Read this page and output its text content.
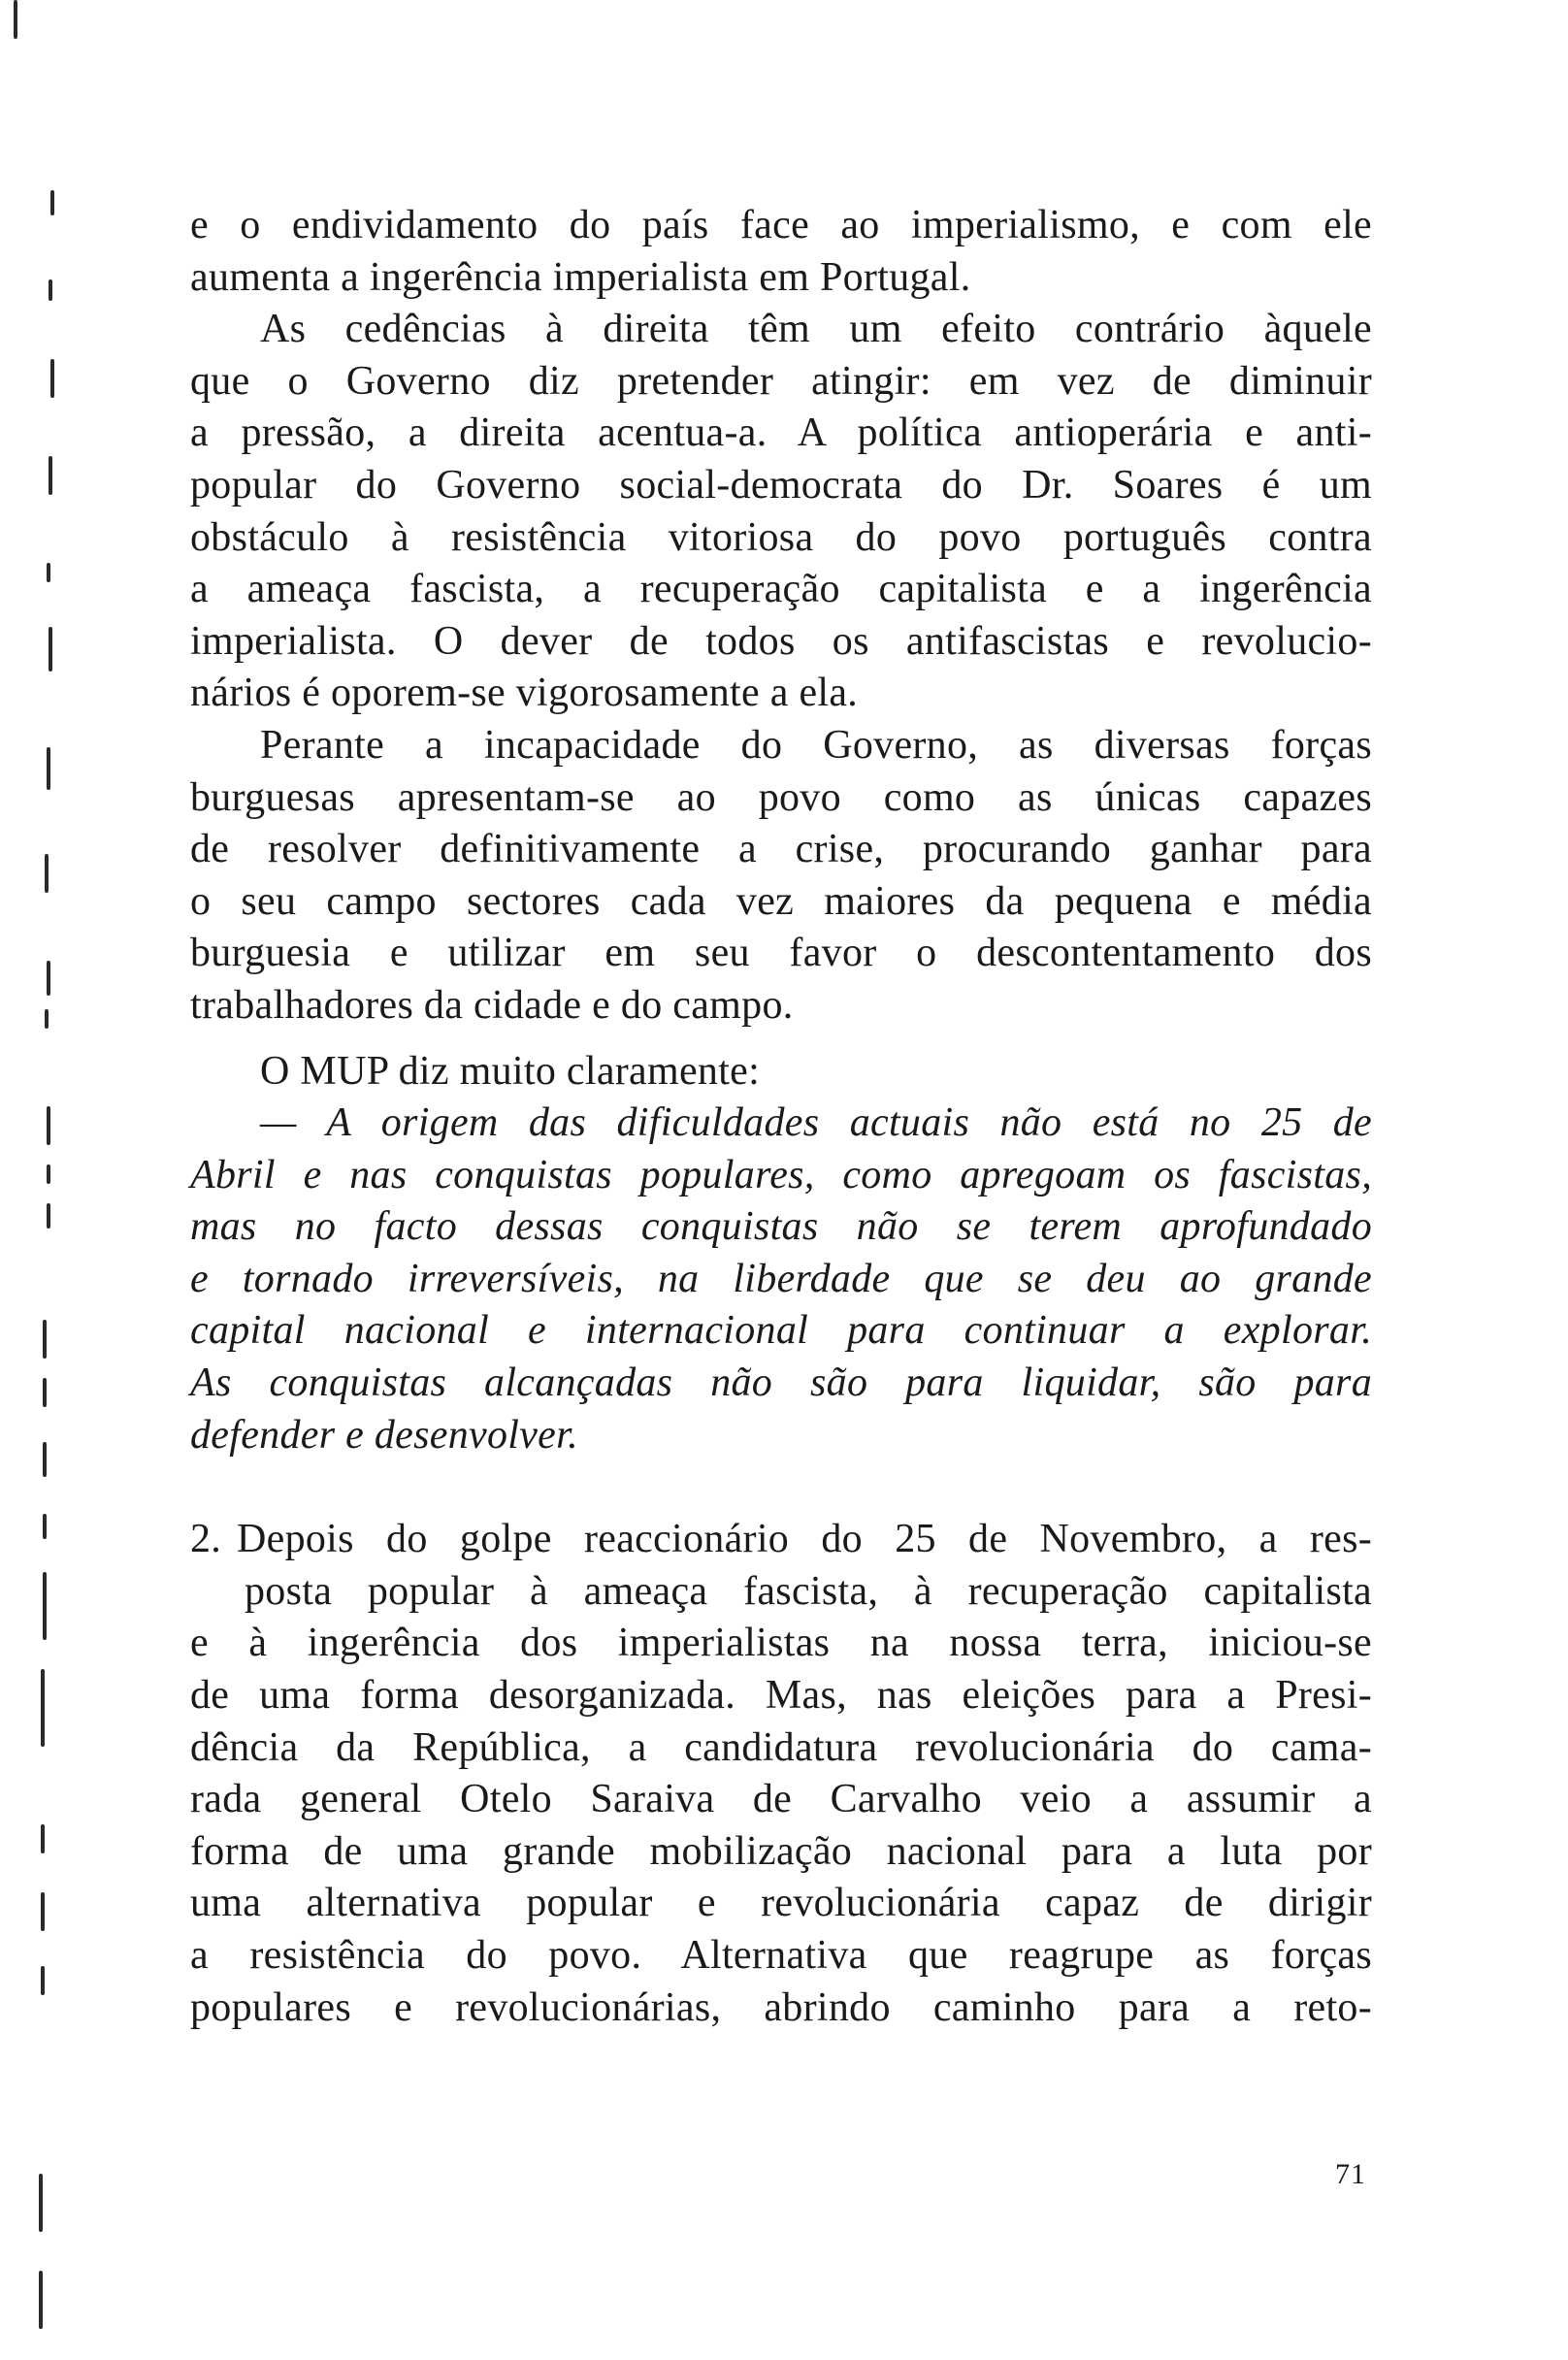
e o endividamento do país face ao imperialismo, e com ele
aumenta a ingerência imperialista em Portugal.
As cedências à direita têm um efeito contrário àquele
que o Governo diz pretender atingir: em vez de diminuir
a pressão, a direita acentua-a. A política antioperária e anti-
popular do Governo social-democrata do Dr. Soares é um
obstáculo à resistência vitoriosa do povo português contra
a ameaça fascista, a recuperação capitalista e a ingerência
imperialista. O dever de todos os antifascistas e revolucio-
nários é oporem-se vigorosamente a ela.
Perante a incapacidade do Governo, as diversas forças
burguesas apresentam-se ao povo como as únicas capazes
de resolver definitivamente a crise, procurando ganhar para
o seu campo sectores cada vez maiores da pequena e média
burguesia e utilizar em seu favor o descontentamento dos
trabalhadores da cidade e do campo.
O MUP diz muito claramente:
— A origem das dificuldades actuais não está no 25 de
Abril e nas conquistas populares, como apregoam os fascistas,
mas no facto dessas conquistas não se terem aprofundado
e tornado irreversíveis, na liberdade que se deu ao grande
capital nacional e internacional para continuar a explorar.
As conquistas alcançadas não são para liquidar, são para
defender e desenvolver.
2. Depois do golpe reaccionário do 25 de Novembro, a res-
posta popular à ameaça fascista, à recuperação capitalista
e à ingerência dos imperialistas na nossa terra, iniciou-se
de uma forma desorganizada. Mas, nas eleições para a Presi-
dência da República, a candidatura revolucionária do cama-
rada general Otelo Saraiva de Carvalho veio a assumir a
forma de uma grande mobilização nacional para a luta por
uma alternativa popular e revolucionária capaz de dirigir
a resistência do povo. Alternativa que reagrupe as forças
populares e revolucionárias, abrindo caminho para a reto-
71
